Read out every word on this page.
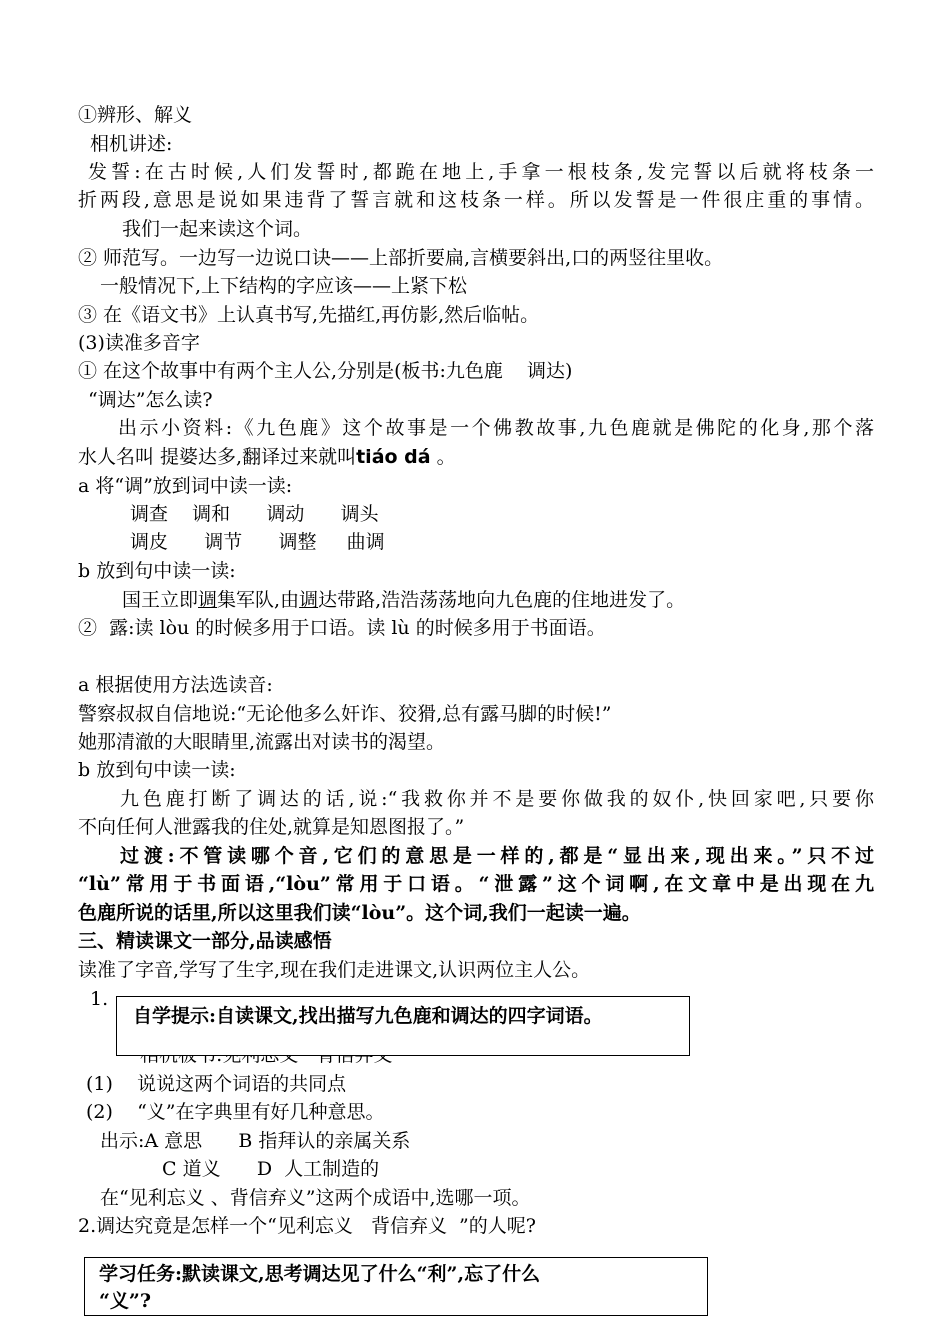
①辨形、解义

相机讲述:

发誓:在古时候,人们发誓时,都跪在地上,手拿一根枝条,发完誓以后就将枝条一

折两段,意思是说如果违背了誓言就和这枝条一样。所以发誓是一件很庄重的事情。

我们一起来读这个词。

② 师范写。一边写一边说口诀——上部折要扁,言横要斜出,口的两竖往里收。

一般情况下,上下结构的字应该——上紧下松

③ 在《语文书》上认真书写,先描红,再仿影,然后临帖。

(3)读准多音字

① 在这个故事中有两个主人公,分别是(板书:九色鹿    调达)

“调达”怎么读?

出示小资料:《九色鹿》这个故事是一个佛教故事,九色鹿就是佛陀的化身,那个落

水人名叫 提婆达多,翻译过来就叫tiáo dá 。

a 将“调”放到词中读一读:

调查    调和      调动      调头

调皮      调节      调整     曲调

b 放到句中读一读:

国王立即调集军队,由调达带路,浩浩荡荡地向九色鹿的住地进发了。

②  露:读 lòu 的时候多用于口语。读 lù 的时候多用于书面语。

a 根据使用方法选读音:

警察叔叔自信地说:“无论他多么奸诈、狡猾,总有露马脚的时候!”

她那清澈的大眼睛里,流露出对读书的渴望。

b 放到句中读一读:

九色鹿打断了调达的话,说:“我救你并不是要你做我的奴仆,快回家吧,只要你

不向任何人泄露我的住处,就算是知恩图报了。”

过渡:不管读哪个音,它们的意思是一样的,都是“显出来,现出来。”只不过

“lù”常用于书面语,“lòu”常用于口语。“泄露”这个词啊,在文章中是出现在九

色鹿所说的话里,所以这里我们读“lòu”。这个词,我们一起读一遍。

三、精读课文一部分,品读感悟

读准了字音,学写了生字,现在我们走进课文,认识两位主人公。

1.

自学提示:自读课文,找出描写九色鹿和调达的四字词语。

(1)    说说这两个词语的共同点

(2)    “义”在字典里有好几种意思。

出示:A 意思      B 指拜认的亲属关系

C 道义      D  人工制造的

在“见利忘义 、背信弃义”这两个成语中,选哪一项。

2.调达究竟是怎样一个“见利忘义   背信弃义  ”的人呢?

学习任务:默读课文,思考调达见了什么“利”,忘了什么
“义”?
